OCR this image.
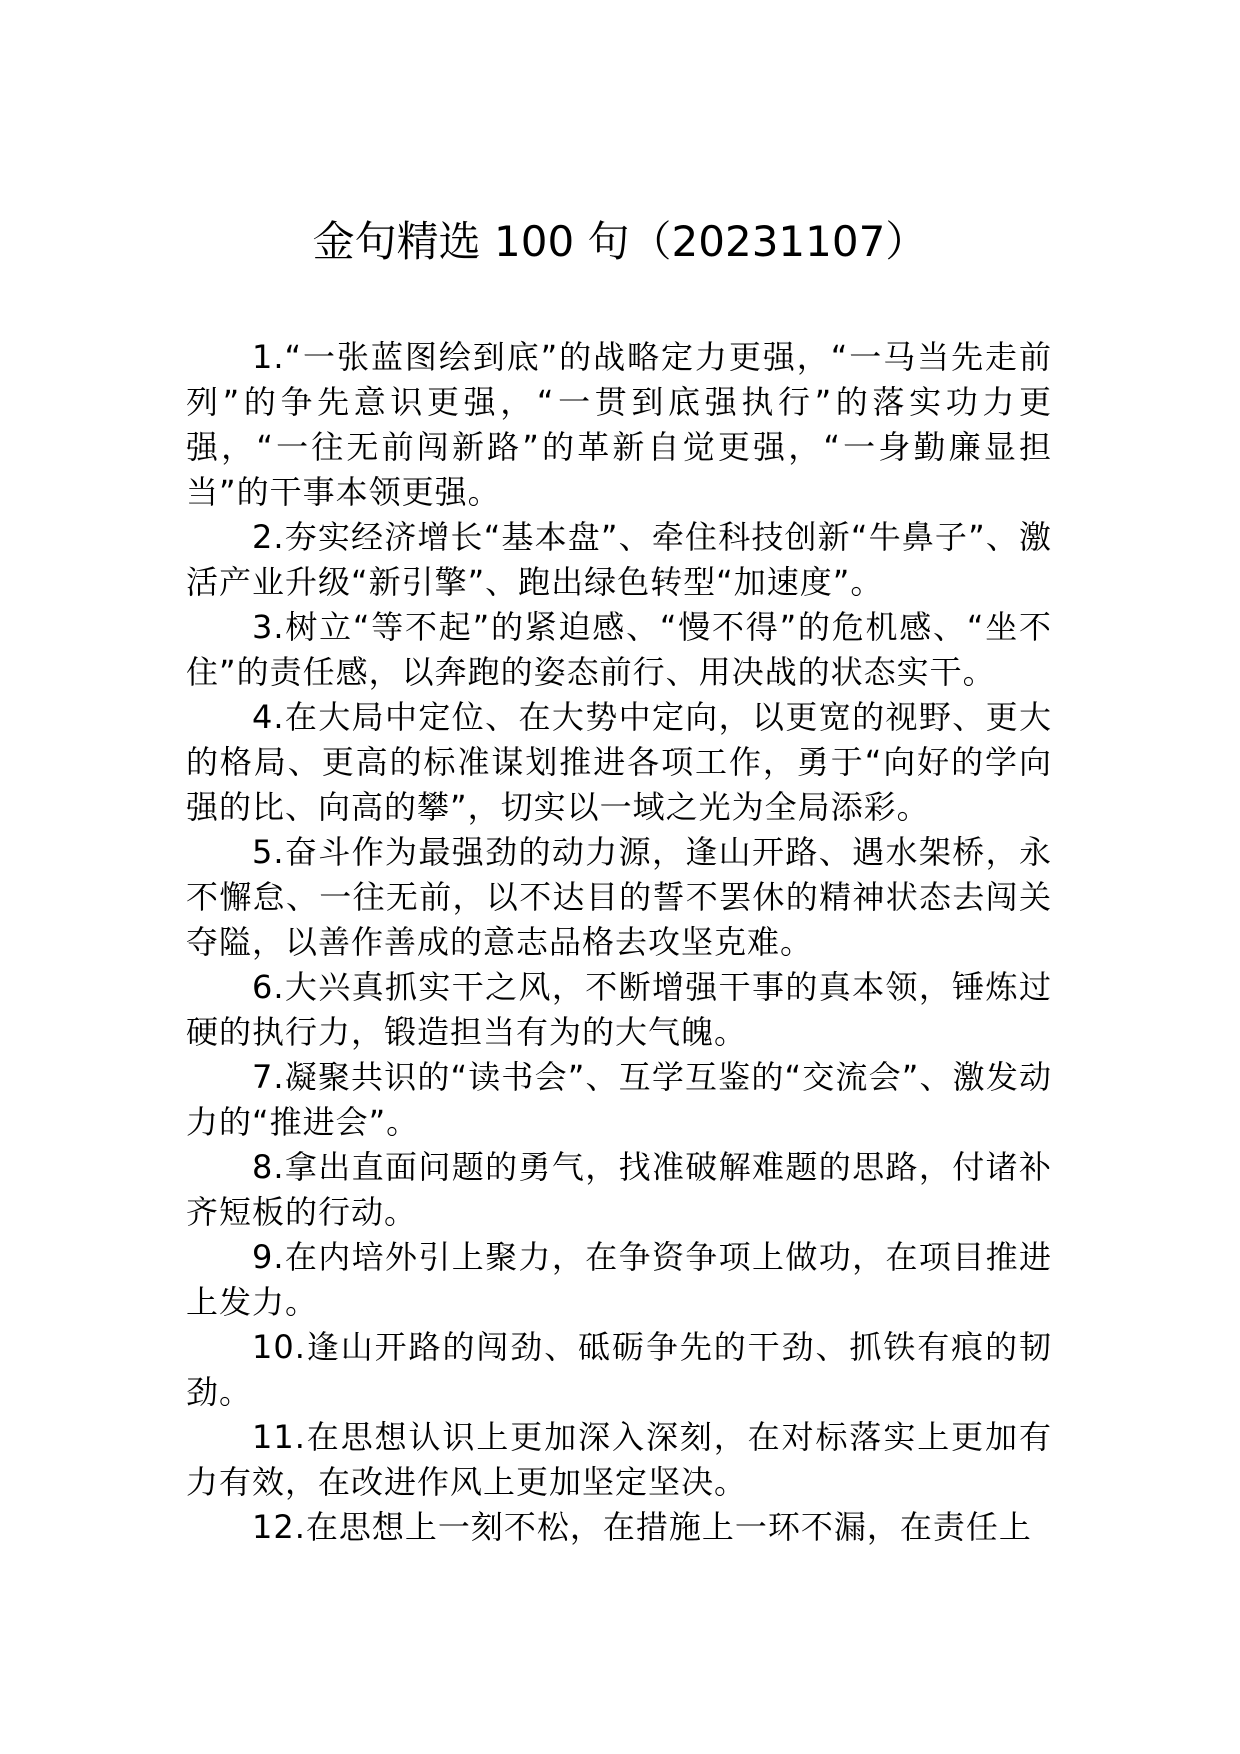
金句精选 100 句（20231107）

1.“一张蓝图绘到底”的战略定力更强，“一马当先走前列”的争先意识更强，“一贯到底强执行”的落实功力更强，“一往无前闯新路”的革新自觉更强，“一身勤廉显担当”的干事本领更强。

2.夯实经济增长“基本盘”、牵住科技创新“牛鼻子”、激活产业升级“新引擎”、跑出绿色转型“加速度”。

3.树立“等不起”的紧迫感、“慢不得”的危机感、“坐不住”的责任感，以奔跑的姿态前行、用决战的状态实干。

4.在大局中定位、在大势中定向，以更宽的视野、更大的格局、更高的标准谋划推进各项工作，勇于“向好的学向强的比、向高的攀”，切实以一域之光为全局添彩。

5.奋斗作为最强劲的动力源，逢山开路、遇水架桥，永不懈怠、一往无前，以不达目的誓不罢休的精神状态去闯关夺隘，以善作善成的意志品格去攻坚克难。

6.大兴真抓实干之风，不断增强干事的真本领，锤炼过硬的执行力，锻造担当有为的大气魄。

7.凝聚共识的“读书会”、互学互鉴的“交流会”、激发动力的“推进会”。

8.拿出直面问题的勇气，找准破解难题的思路，付诸补齐短板的行动。

9.在内培外引上聚力，在争资争项上做功，在项目推进上发力。

10.逢山开路的闯劲、砥砺争先的干劲、抓铁有痕的韧劲。

11.在思想认识上更加深入深刻，在对标落实上更加有力有效，在改进作风上更加坚定坚决。

12.在思想上一刻不松，在措施上一环不漏，在责任上
